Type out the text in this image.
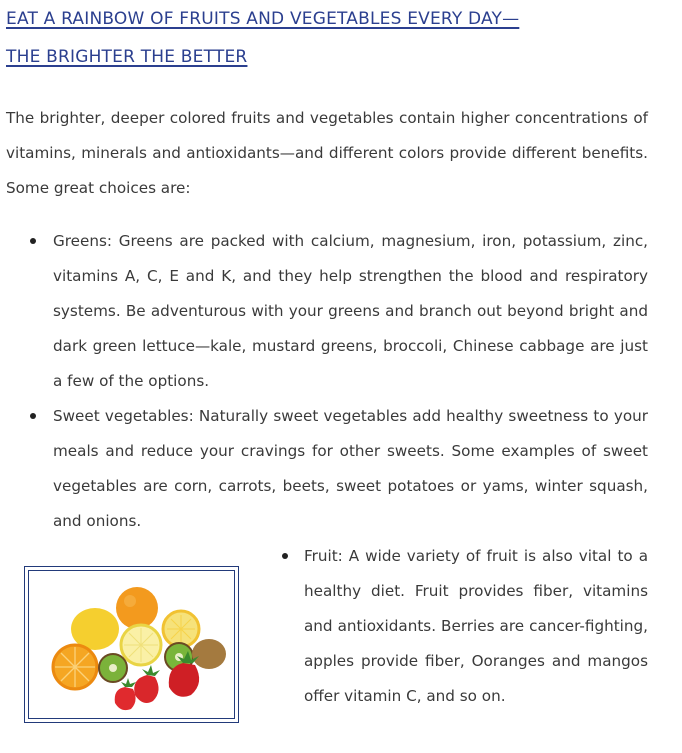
EAT A RAINBOW OF FRUITS AND VEGETABLES EVERY DAY—
THE BRIGHTER THE BETTER

The brighter, deeper colored fruits and vegetables contain higher concentrations of vitamins, minerals and antioxidants—and different colors provide different benefits. Some great choices are:

Greens: Greens are packed with calcium, magnesium, iron, potassium, zinc, vitamins A, C, E and K, and they help strengthen the blood and respiratory systems. Be adventurous with your greens and branch out beyond bright and dark green lettuce—kale, mustard greens, broccoli, Chinese cabbage are just a few of the options.
Sweet vegetables: Naturally sweet vegetables add healthy sweetness to your meals and reduce your cravings for other sweets. Some examples of sweet vegetables are corn, carrots, beets, sweet potatoes or yams, winter squash, and onions.
Fruit: A wide variety of fruit is also vital to a healthy diet. Fruit provides fiber, vitamins and antioxidants. Berries are cancer-fighting, apples provide fiber, Ooranges and mangos offer vitamin C, and so on.
